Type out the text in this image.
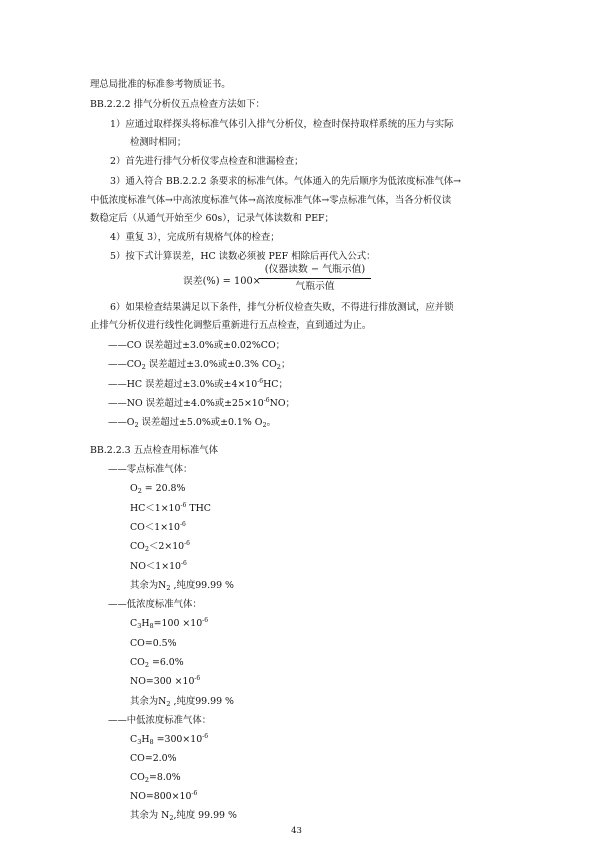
理总局批准的标准参考物质证书。
BB.2.2.2 排气分析仪五点检查方法如下：
1）应通过取样探头将标准气体引入排气分析仪，检查时保持取样系统的压力与实际
检测时相同；
2）首先进行排气分析仪零点检查和泄漏检查；
3）通入符合 BB.2.2.2 条要求的标准气体。气体通入的先后顺序为低浓度标准气体→
中低浓度标准气体→中高浓度标准气体→高浓度标准气体→零点标准气体，当各分析仪读
数稳定后（从通气开始至少 60s），记录气体读数和 PEF；
4）重复 3），完成所有规格气体的检查；
5）按下式计算误差，HC 读数必须被 PEF 相除后再代入公式：
误差(%) = 100×
(仪器读数 − 气瓶示值)
气瓶示值
6）如果检查结果满足以下条件，排气分析仪检查失败，不得进行排放测试，应并锁
止排气分析仪进行线性化调整后重新进行五点检查，直到通过为止。
——CO 误差超过±3.0%或±0.02%CO；
$——CO_2$ 误差超过±3.0%或±0.3% $CO_2$；
——HC 误差超过±3.0%或$\pm 4\times 10^{-6}HC$；
——NO 误差超过±4.0%或$\pm 25\times 10^{-6}NO$；
$——O_2$ 误差超过±5.0%或±0.1% $O_2$。
BB.2.2.3 五点检查用标准气体
——零点标准气体：
$O_2 = 20.8\%$
$HC<1\times 10^{-6}$ THC
$CO<1\times 10^{-6}$
$CO_2<2\times 10^{-6}$
$NO<1\times 10^{-6}$
其余为$N_2$ ,纯度99.99 %
——低浓度标准气体：
$C_3H_8=100 \times 10^{-6}$
CO=0.5%
$CO_2 =6.0\%$
$NO=300 \times 10^{-6}$
其余为$N_2$ ,纯度99.99 %
——中低浓度标准气体：
$C_3H_8 =300\times 10^{-6}$
CO=2.0%
$CO_2=8.0\%$
$NO=800\times 10^{-6}$
其余为 $N_2$,纯度 99.99 %
43
